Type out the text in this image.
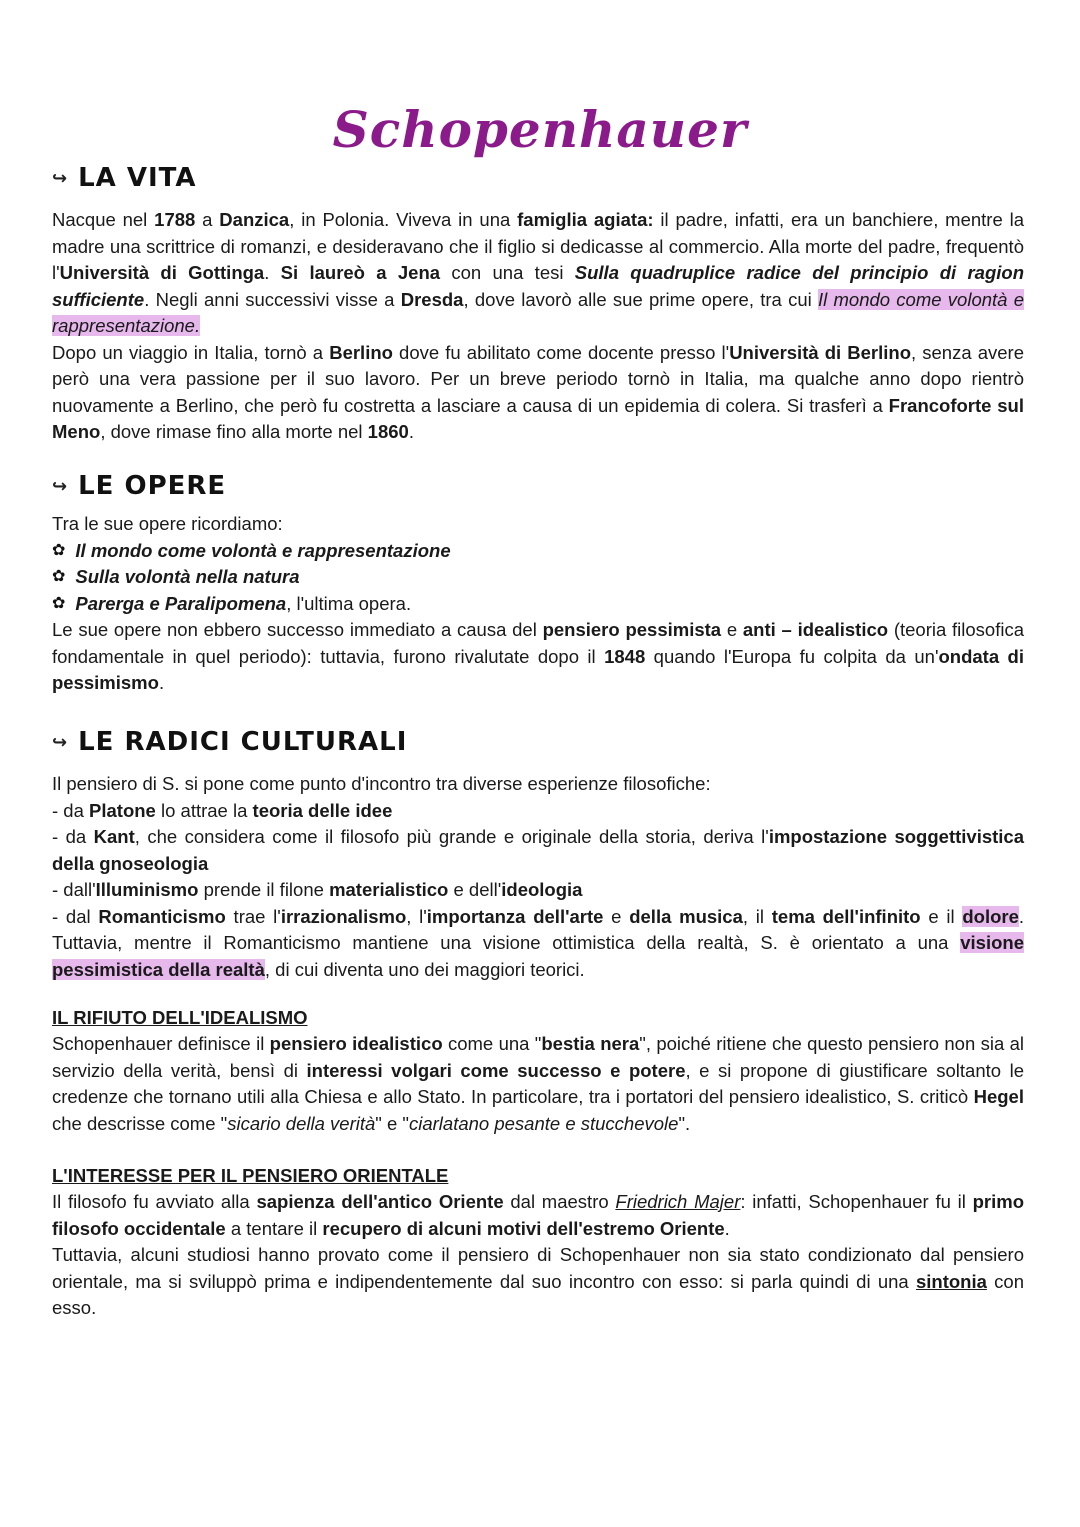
Schopenhauer
↪ LA VITA

Nacque nel 1788 a Danzica, in Polonia. Viveva in una famiglia agiata: il padre, infatti, era un banchiere, mentre la madre una scrittrice di romanzi, e desideravano che il figlio si dedicasse al commercio. Alla morte del padre, frequentò l'Università di Gottinga. Si laureò a Jena con una tesi Sulla quadruplice radice del principio di ragion sufficiente. Negli anni successivi visse a Dresda, dove lavorò alle sue prime opere, tra cui Il mondo come volontà e rappresentazione.

Dopo un viaggio in Italia, tornò a Berlino dove fu abilitato come docente presso l'Università di Berlino, senza avere però una vera passione per il suo lavoro. Per un breve periodo tornò in Italia, ma qualche anno dopo rientrò nuovamente a Berlino, che però fu costretta a lasciare a causa di un epidemia di colera. Si trasferì a Francoforte sul Meno, dove rimase fino alla morte nel 1860.

↪ LE OPERE

Tra le sue opere ricordiamo:

✿ Il mondo come volontà e rappresentazione
✿ Sulla volontà nella natura
✿ Parerga e Paralipomena, l'ultima opera.

Le sue opere non ebbero successo immediato a causa del pensiero pessimista e anti – idealistico (teoria filosofica fondamentale in quel periodo): tuttavia, furono rivalutate dopo il 1848 quando l'Europa fu colpita da un'ondata di pessimismo.

↪ LE RADICI CULTURALI

Il pensiero di S. si pone come punto d'incontro tra diverse esperienze filosofiche:

- da Platone lo attrae la teoria delle idee

- da Kant, che considera come il filosofo più grande e originale della storia, deriva l'impostazione soggettivistica della gnoseologia

- dall'Illuminismo prende il filone materialistico e dell'ideologia

- dal Romanticismo trae l'irrazionalismo, l'importanza dell'arte e della musica, il tema dell'infinito e il dolore. Tuttavia, mentre il Romanticismo mantiene una visione ottimistica della realtà, S. è orientato a una visione pessimistica della realtà, di cui diventa uno dei maggiori teorici.

IL RIFIUTO DELL'IDEALISMO

Schopenhauer definisce il pensiero idealistico come una "bestia nera", poiché ritiene che questo pensiero non sia al servizio della verità, bensì di interessi volgari come successo e potere, e si propone di giustificare soltanto le credenze che tornano utili alla Chiesa e allo Stato. In particolare, tra i portatori del pensiero idealistico, S. criticò Hegel che descrisse come "sicario della verità" e "ciarlatano pesante e stucchevole".

L'INTERESSE PER IL PENSIERO ORIENTALE

Il filosofo fu avviato alla sapienza dell'antico Oriente dal maestro Friedrich Majer: infatti, Schopenhauer fu il primo filosofo occidentale a tentare il recupero di alcuni motivi dell'estremo Oriente.

Tuttavia, alcuni studiosi hanno provato come il pensiero di Schopenhauer non sia stato condizionato dal pensiero orientale, ma si sviluppò prima e indipendentemente dal suo incontro con esso: si parla quindi di una sintonia con esso.
